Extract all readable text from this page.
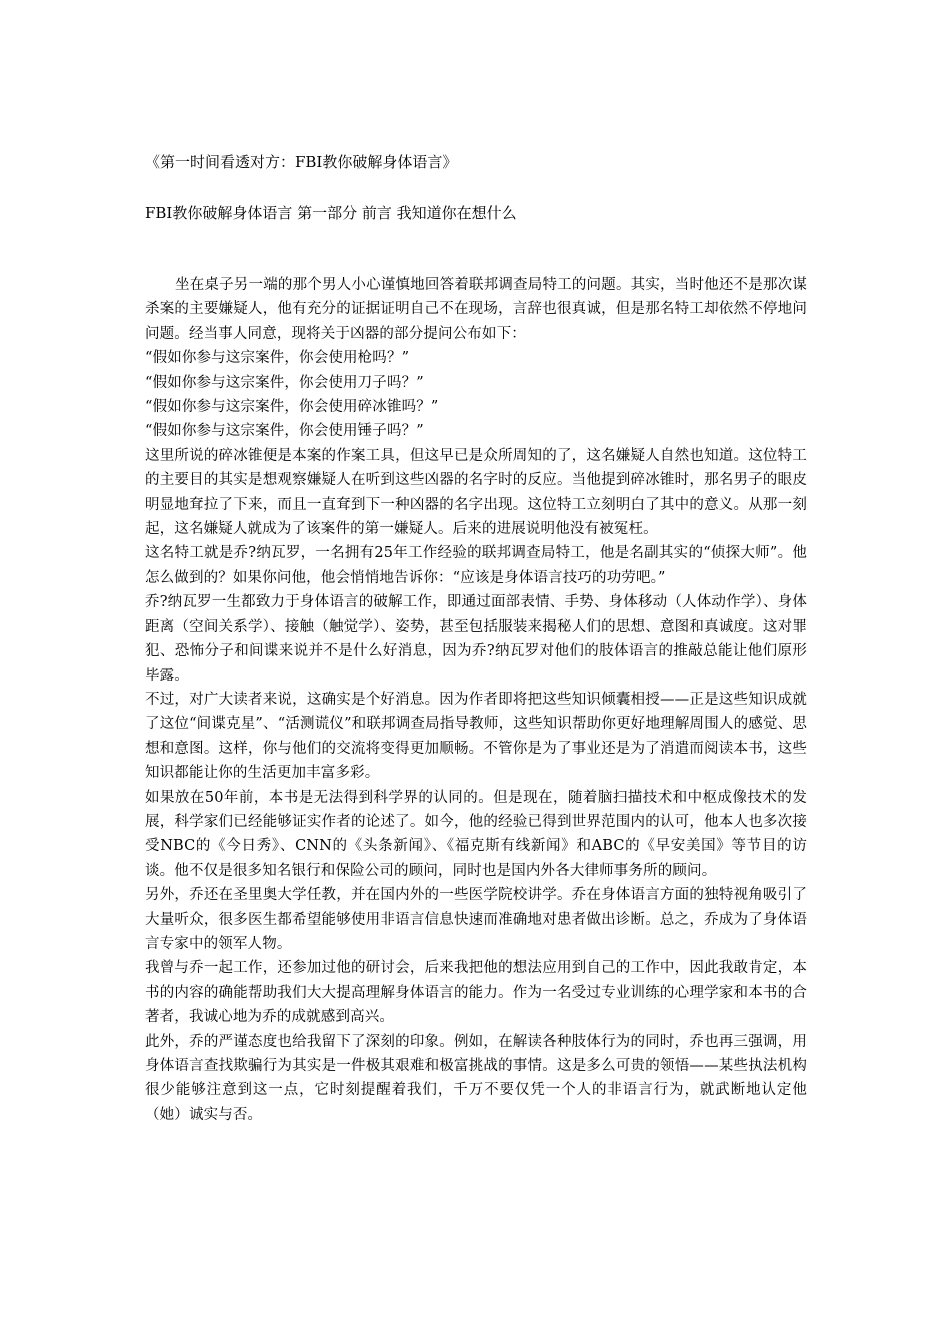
《第一时间看透对方：FBI教你破解身体语言》
FBI教你破解身体语言 第一部分 前言 我知道你在想什么

坐在桌子另一端的那个男人小心谨慎地回答着联邦调查局特工的问题。其实，当时他还不是那次谋杀案的主要嫌疑人，他有充分的证据证明自己不在现场，言辞也很真诚，但是那名特工却依然不停地问问题。经当事人同意，现将关于凶器的部分提问公布如下：

“假如你参与这宗案件，你会使用枪吗？”

“假如你参与这宗案件，你会使用刀子吗？”

“假如你参与这宗案件，你会使用碎冰锥吗？”

“假如你参与这宗案件，你会使用锤子吗？”

这里所说的碎冰锥便是本案的作案工具，但这早已是众所周知的了，这名嫌疑人自然也知道。这位特工的主要目的其实是想观察嫌疑人在听到这些凶器的名字时的反应。当他提到碎冰锥时，那名男子的眼皮明显地耷拉了下来，而且一直耷到下一种凶器的名字出现。这位特工立刻明白了其中的意义。从那一刻起，这名嫌疑人就成为了该案件的第一嫌疑人。后来的进展说明他没有被冤枉。

这名特工就是乔?纳瓦罗，一名拥有25年工作经验的联邦调查局特工，他是名副其实的“侦探大师”。他怎么做到的？如果你问他，他会悄悄地告诉你：“应该是身体语言技巧的功劳吧。”

乔?纳瓦罗一生都致力于身体语言的破解工作，即通过面部表情、手势、身体移动（人体动作学）、身体距离（空间关系学）、接触（触觉学）、姿势，甚至包括服装来揭秘人们的思想、意图和真诚度。这对罪犯、恐怖分子和间谍来说并不是什么好消息，因为乔?纳瓦罗对他们的肢体语言的推敲总能让他们原形毕露。

不过，对广大读者来说，这确实是个好消息。因为作者即将把这些知识倾囊相授——正是这些知识成就了这位“间谍克星”、“活测谎仪”和联邦调查局指导教师，这些知识帮助你更好地理解周围人的感觉、思想和意图。这样，你与他们的交流将变得更加顺畅。不管你是为了事业还是为了消遣而阅读本书，这些知识都能让你的生活更加丰富多彩。

如果放在50年前，本书是无法得到科学界的认同的。但是现在，随着脑扫描技术和中枢成像技术的发展，科学家们已经能够证实作者的论述了。如今，他的经验已得到世界范围内的认可，他本人也多次接受NBC的《今日秀》、CNN的《头条新闻》、《福克斯有线新闻》和ABC的《早安美国》等节目的访谈。他不仅是很多知名银行和保险公司的顾问，同时也是国内外各大律师事务所的顾问。

另外，乔还在圣里奥大学任教，并在国内外的一些医学院校讲学。乔在身体语言方面的独特视角吸引了大量听众，很多医生都希望能够使用非语言信息快速而准确地对患者做出诊断。总之，乔成为了身体语言专家中的领军人物。

我曾与乔一起工作，还参加过他的研讨会，后来我把他的想法应用到自己的工作中，因此我敢肯定，本书的内容的确能帮助我们大大提高理解身体语言的能力。作为一名受过专业训练的心理学家和本书的合著者，我诚心地为乔的成就感到高兴。

此外，乔的严谨态度也给我留下了深刻的印象。例如，在解读各种肢体行为的同时，乔也再三强调，用身体语言查找欺骗行为其实是一件极其艰难和极富挑战的事情。这是多么可贵的领悟——某些执法机构很少能够注意到这一点，它时刻提醒着我们，千万不要仅凭一个人的非语言行为，就武断地认定他（她）诚实与否。
